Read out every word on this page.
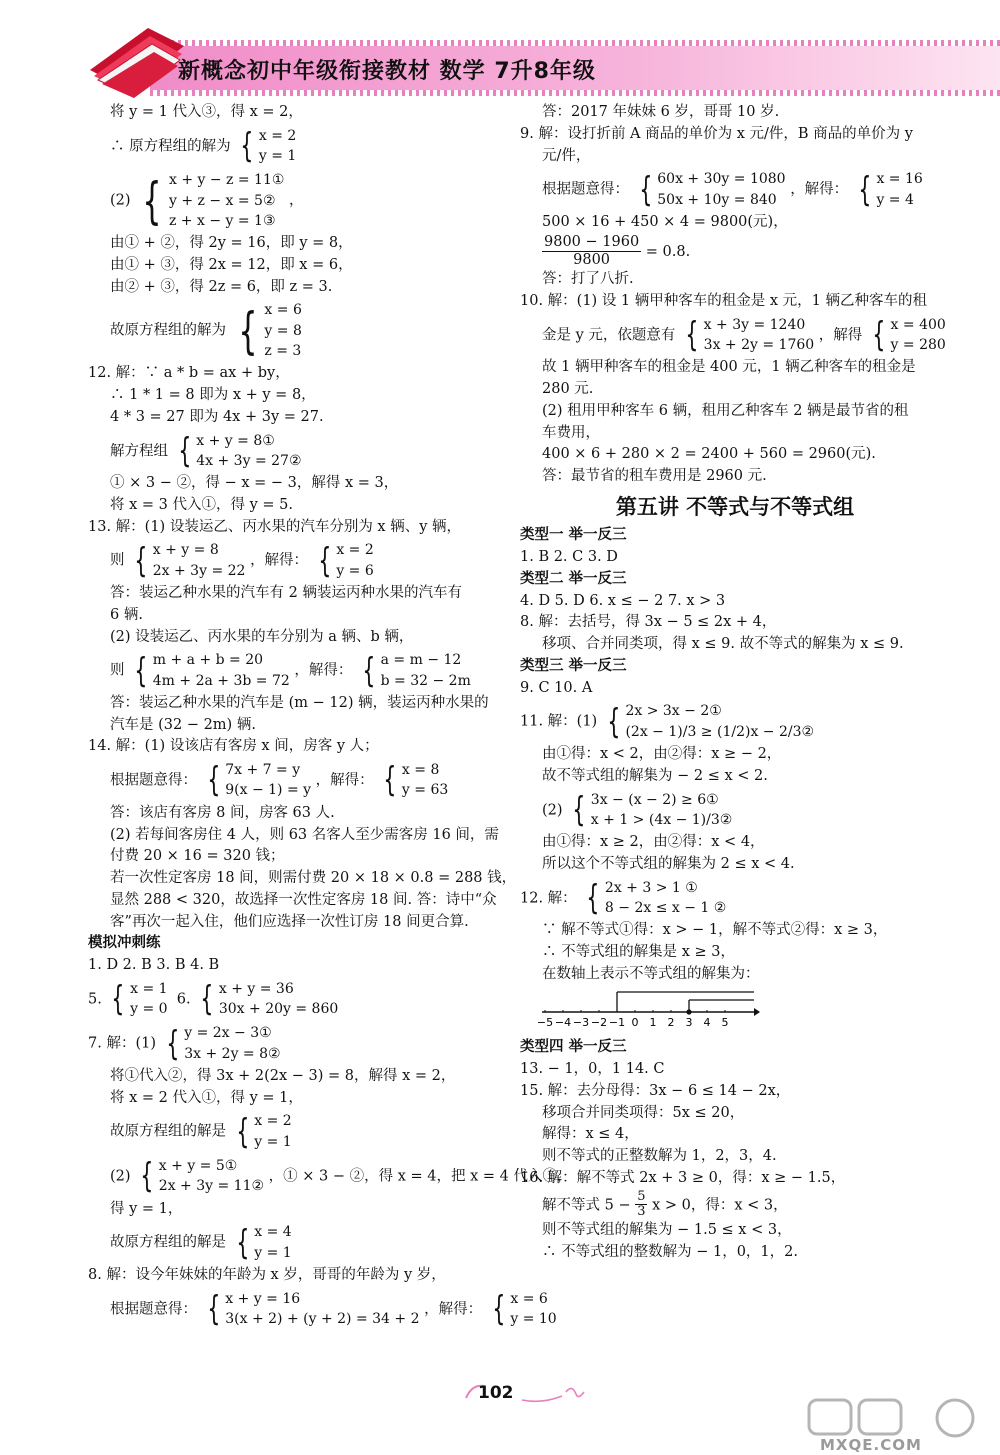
新概念初中年级衔接教材 数学 7升8年级
将 y = 1 代入③，得 x = 2，
∴ 原方程组的解为 { x = 2
y = 1
(2) { x + y − z = 11①
y + z − x = 5②
z + x − y = 1③
，
由① + ②，得 2y = 16，即 y = 8，
由① + ③，得 2x = 12，即 x = 6，
由② + ③，得 2z = 6，即 z = 3.
故原方程组的解为 { x = 6
y = 8
z = 3
12. 解：∵ a * b = ax + by，
∴ 1 * 1 = 8 即为 x + y = 8，
4 * 3 = 27 即为 4x + 3y = 27.
解方程组 { x + y = 8①
4x + 3y = 27②
① × 3 − ②，得 − x = − 3，解得 x = 3，
将 x = 3 代入①，得 y = 5.
13. 解：(1) 设装运乙、丙水果的汽车分别为 x 辆、y 辆，
则 { x + y = 8
2x + 3y = 22
，解得： { x = 2
y = 6
答：装运乙种水果的汽车有 2 辆装运丙种水果的汽车有
6 辆.
(2) 设装运乙、丙水果的车分别为 a 辆、b 辆，
则 { m + a + b = 20
4m + 2a + 3b = 72
，解得： { a = m − 12
b = 32 − 2m
答：装运乙种水果的汽车是 (m − 12) 辆，装运丙种水果的
汽车是 (32 − 2m) 辆.
14. 解：(1) 设该店有客房 x 间，房客 y 人；
根据题意得： { 7x + 7 = y
9(x − 1) = y
，解得： { x = 8
y = 63
答：该店有客房 8 间，房客 63 人.
(2) 若每间客房住 4 人，则 63 名客人至少需客房 16 间，需
付费 20 × 16 = 320 钱；
若一次性定客房 18 间，则需付费 20 × 18 × 0.8 = 288 钱，
显然 288 < 320，故选择一次性定客房 18 间. 答：诗中“众
客”再次一起入住，他们应选择一次性订房 18 间更合算.
模拟冲刺练
1. D 2. B 3. B 4. B
5. { x = 1
y = 0
6. { x + y = 36
30x + 20y = 860
7. 解：(1) { y = 2x − 3①
3x + 2y = 8②
将①代入②，得 3x + 2(2x − 3) = 8，解得 x = 2，
将 x = 2 代入①，得 y = 1，
故原方程组的解是 { x = 2
y = 1
(2) { x + y = 5①
2x + 3y = 11②
，① × 3 − ②，得 x = 4，把 x = 4 代入①，
得 y = 1，
故原方程组的解是 { x = 4
y = 1
8. 解：设今年妹妹的年龄为 x 岁，哥哥的年龄为 y 岁，
根据题意得： { x + y = 16
3(x + 2) + (y + 2) = 34 + 2
，解得： { x = 6
y = 10
答：2017 年妹妹 6 岁，哥哥 10 岁.
9. 解：设打折前 A 商品的单价为 x 元/件，B 商品的单价为 y
元/件，
根据题意得： { 60x + 30y = 1080
50x + 10y = 840
，解得： { x = 16
y = 4
500 × 16 + 450 × 4 = 9800(元)，
$\frac{9800 - 1960}{9800} = 0.8$.
答：打了八折.
10. 解：(1) 设 1 辆甲种客车的租金是 x 元，1 辆乙种客车的租
金是 y 元，依题意有 { x + 3y = 1240
3x + 2y = 1760
，解得 { x = 400
y = 280
故 1 辆甲种客车的租金是 400 元，1 辆乙种客车的租金是
280 元.
(2) 租用甲种客车 6 辆，租用乙种客车 2 辆是最节省的租
车费用，
400 × 6 + 280 × 2 = 2400 + 560 = 2960(元).
答：最节省的租车费用是 2960 元.
第五讲 不等式与不等式组
类型一 举一反三
1. B 2. C 3. D
类型二 举一反三
4. D 5. D 6. x ≤ − 2 7. x > 3
8. 解：去括号，得 3x − 5 ≤ 2x + 4，
移项、合并同类项，得 x ≤ 9. 故不等式的解集为 x ≤ 9.
类型三 举一反三
9. C 10. A
11. 解：(1) { 2x > 3x − 2①
(2x − 1)/3 ≥ (1/2)x − 2/3②
由①得：x < 2，由②得：x ≥ − 2，
故不等式组的解集为 − 2 ≤ x < 2.
(2) { 3x − (x − 2) ≥ 6①
x + 1 > (4x − 1)/3②
由①得：x ≥ 2，由②得：x < 4，
所以这个不等式组的解集为 2 ≤ x < 4.
12. 解： { 2x + 3 > 1 ①
8 − 2x ≤ x − 1 ②
∵ 解不等式①得：x > − 1，解不等式②得：x ≥ 3，
∴ 不等式组的解集是 x ≥ 3，
在数轴上表示不等式组的解集为：
−5 −4 −3 −2 −1 0 1 2 3 4 5
类型四 举一反三
13. − 1，0，1 14. C
15. 解：去分母得：3x − 6 ≤ 14 − 2x，
移项合并同类项得：5x ≤ 20，
解得：x ≤ 4，
则不等式的正整数解为 1，2，3，4.
16. 解：解不等式 2x + 3 ≥ 0，得：x ≥ − 1.5，
解不等式 $5 - \frac{5}{3}$ x > 0，得：x < 3，
则不等式组的解集为 − 1.5 ≤ x < 3，
∴ 不等式组的整数解为 − 1，0，1，2.
102
MXQE.COM
